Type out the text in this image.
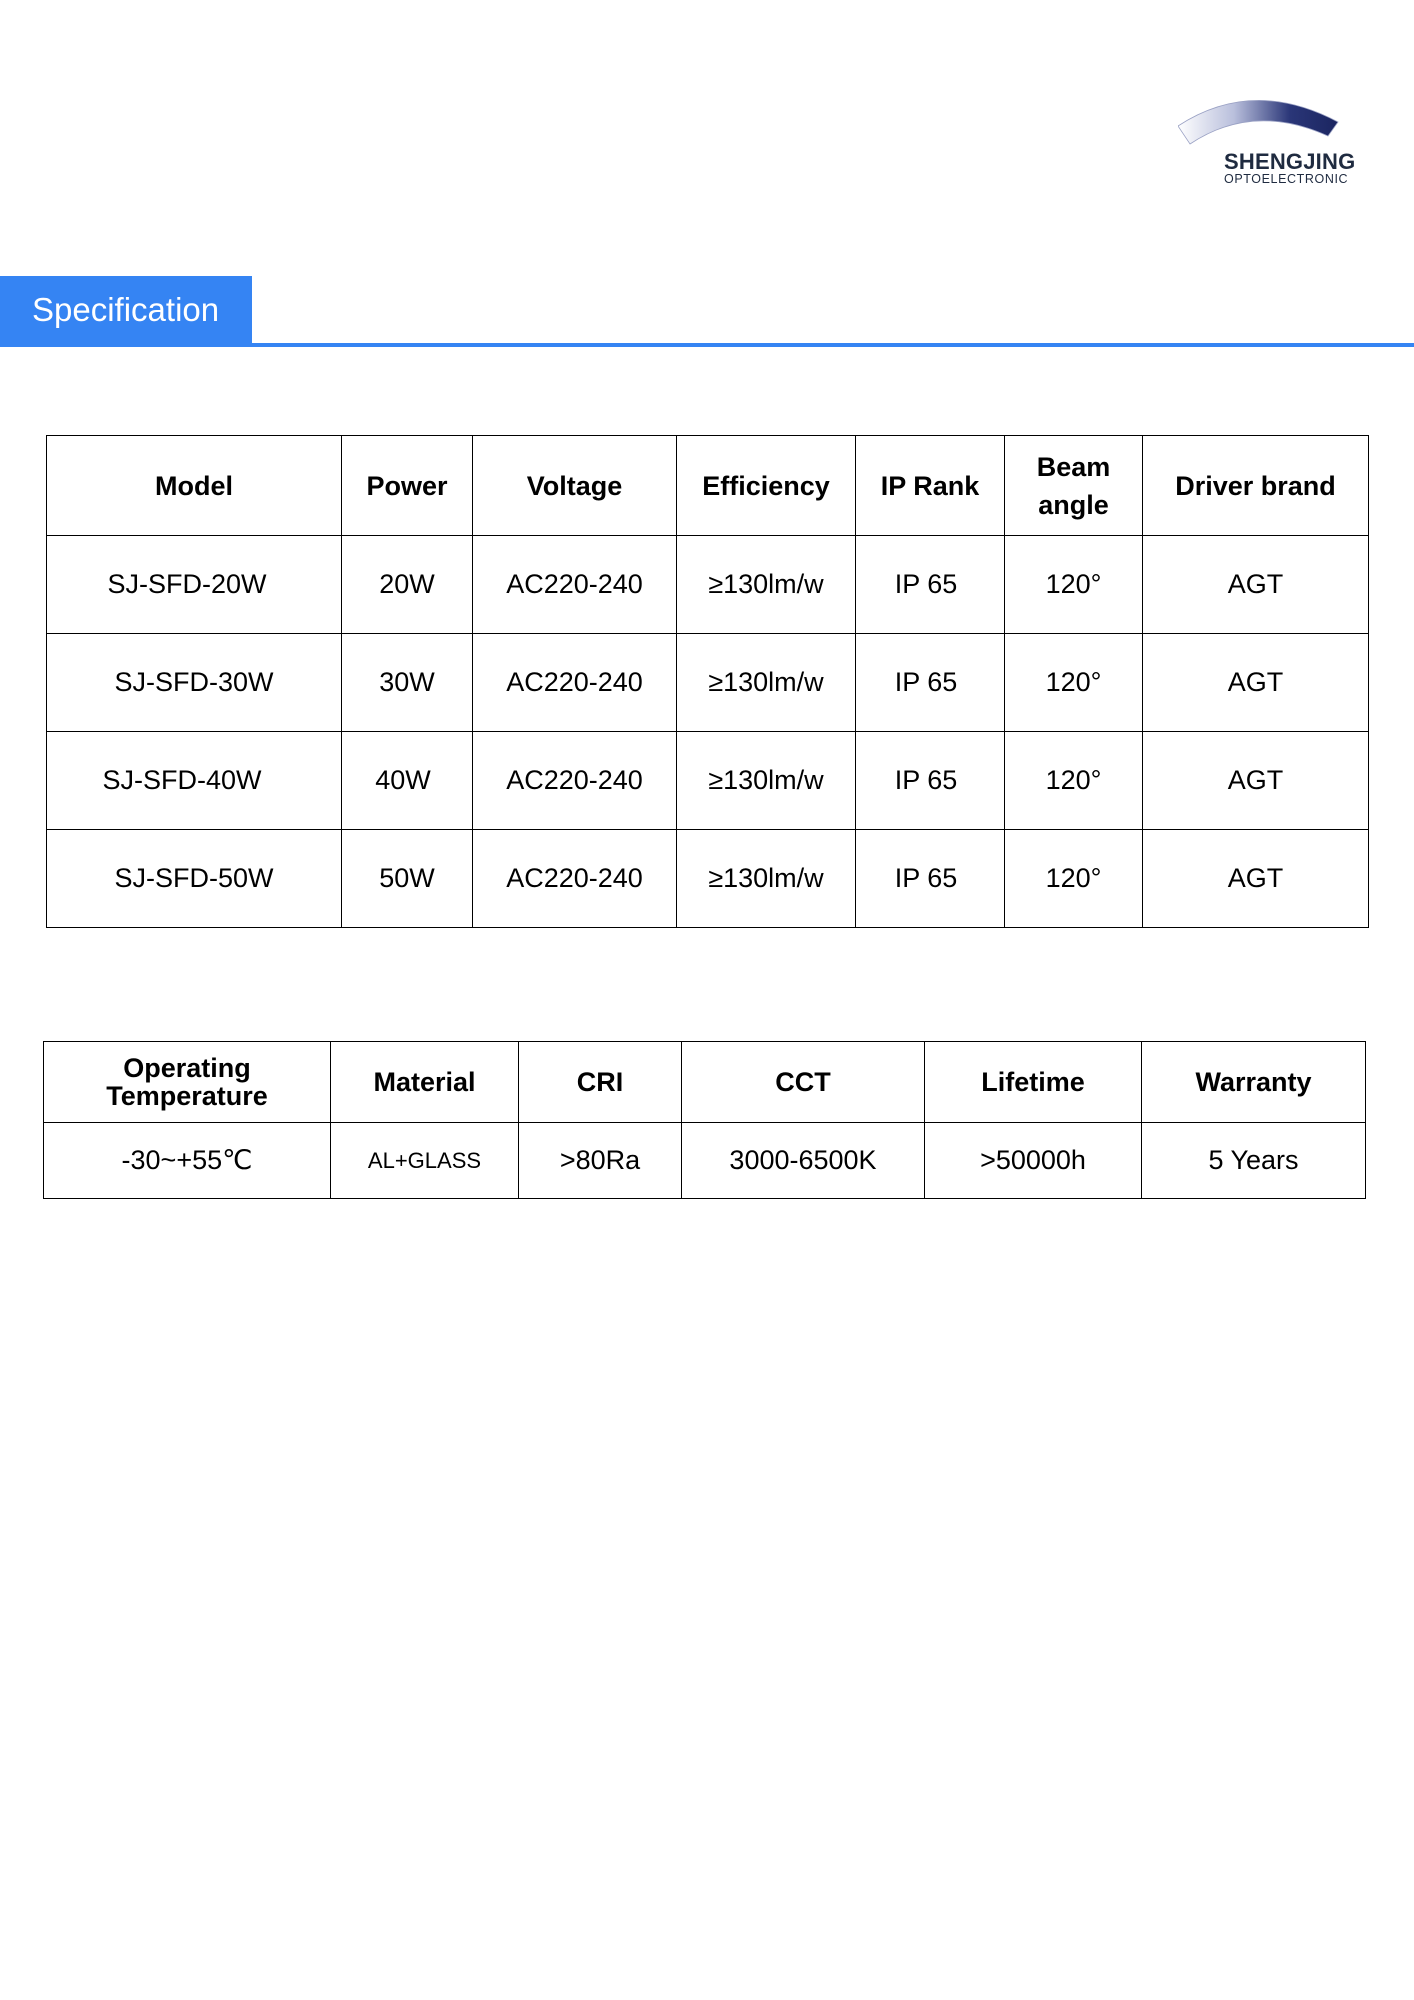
SHENGJING
OPTOELECTRONIC
Specification
Model	Power	Voltage	Efficiency	IP Rank	Beam angle	Driver brand
SJ-SFD-20W	20W	AC220-240	≥130lm/w	IP 65	120°	AGT
SJ-SFD-30W	30W	AC220-240	≥130lm/w	IP 65	120°	AGT
SJ-SFD-40W	40W	AC220-240	≥130lm/w	IP 65	120°	AGT
SJ-SFD-50W	50W	AC220-240	≥130lm/w	IP 65	120°	AGT
Operating Temperature	Material	CRI	CCT	Lifetime	Warranty
-30~+55℃	AL+GLASS	>80Ra	3000-6500K	>50000h	5 Years
